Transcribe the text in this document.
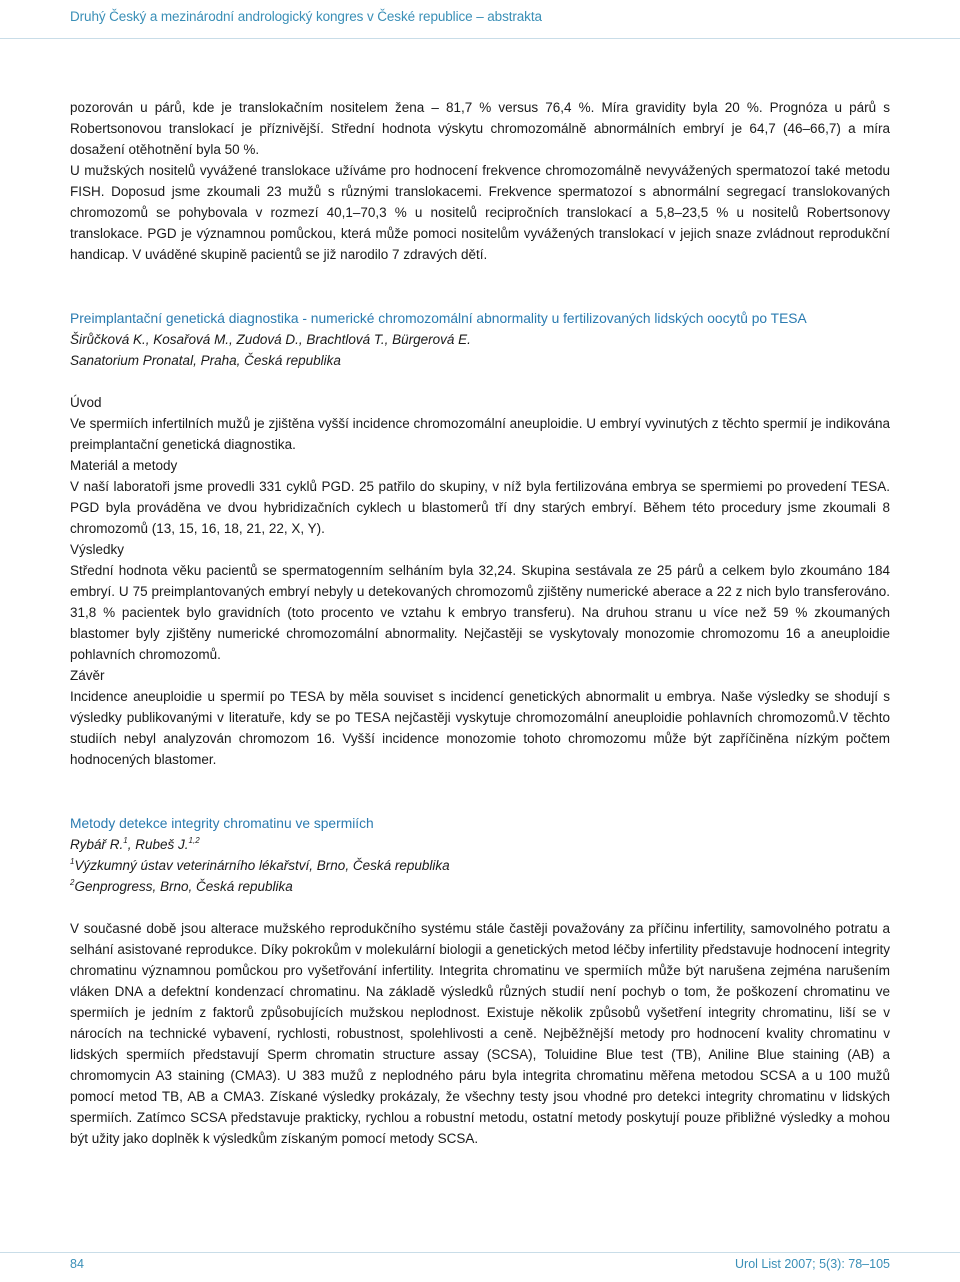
Druhý Český a mezinárodní andrologický kongres v České republice – abstrakta

pozorován u párů, kde je translokačním nositelem žena – 81,7 % versus 76,4 %. Míra gravidity byla 20 %. Prognóza u párů s Robertsonovou translokací je příznivější. Střední hodnota výskytu chromozomálně abnormálních embryí je 64,7 (46–66,7) a míra dosažení otěhotnění byla 50 %.

U mužských nositelů vyvážené translokace užíváme pro hodnocení frekvence chromozomálně nevyvážených spermatozoí také metodu FISH. Doposud jsme zkoumali 23 mužů s různými translokacemi. Frekvence spermatozoí s abnormální segregací translokovaných chromozomů se pohybovala v rozmezí 40,1–70,3 % u nositelů recipročních translokací a 5,8–23,5 % u nositelů Robertsonovy translokace. PGD je významnou pomůckou, která může pomoci nositelům vyvážených translokací v jejich snaze zvládnout reprodukční handicap. V uváděné skupině pacientů se již narodilo 7 zdravých dětí.

Preimplantační genetická diagnostika - numerické chromozomální abnormality u fertilizovaných lidských oocytů po TESA

Širůčková K., Kosařová M., Zudová D., Brachtlová T., Bürgerová E.

Sanatorium Pronatal, Praha, Česká republika

Úvod

Ve spermiích infertilních mužů je zjištěna vyšší incidence chromozomální aneuploidie. U embryí vyvinutých z těchto spermií je indikována preimplantační genetická diagnostika.

Materiál a metody

V naší laboratoři jsme provedli 331 cyklů PGD. 25 patřilo do skupiny, v níž byla fertilizována embrya se spermiemi po provedení TESA. PGD byla prováděna ve dvou hybridizačních cyklech u blastomerů tří dny starých embryí. Během této procedury jsme zkoumali 8 chromozomů (13, 15, 16, 18, 21, 22, X, Y).

Výsledky

Střední hodnota věku pacientů se spermatogenním selháním byla 32,24. Skupina sestávala ze 25 párů a celkem bylo zkoumáno 184 embryí. U 75 preimplantovaných embryí nebyly u detekovaných chromozomů zjištěny numerické aberace a 22 z nich bylo transferováno. 31,8 % pacientek bylo gravidních (toto procento ve vztahu k embryo transferu). Na druhou stranu u více než 59 % zkoumaných blastomer byly zjištěny numerické chromozomální abnormality. Nejčastěji se vyskytovaly monozomie chromozomu 16 a aneuploidie pohlavních chromozomů.

Závěr

Incidence aneuploidie u spermií po TESA by měla souviset s incidencí genetických abnormalit u embrya. Naše výsledky se shodují s výsledky publikovanými v literatuře, kdy se po TESA nejčastěji vyskytuje chromozomální aneuploidie pohlavních chromozomů.V těchto studiích nebyl analyzován chromozom 16. Vyšší incidence monozomie tohoto chromozomu může být zapříčiněna nízkým počtem hodnocených blastomer.

Metody detekce integrity chromatinu ve spermiích

Rybář R.$^1$, Rubeš J.$^{1,2}$

$^1$Výzkumný ústav veterinárního lékařství, Brno, Česká republika

$^2$Genprogress, Brno, Česká republika

V současné době jsou alterace mužského reprodukčního systému stále častěji považovány za příčinu infertility, samovolného potratu a selhání asistované reprodukce. Díky pokrokům v molekulární biologii a genetických metod léčby infertility představuje hodnocení integrity chromatinu významnou pomůckou pro vyšetřování infertility. Integrita chromatinu ve spermiích může být narušena zejména narušením vláken DNA a defektní kondenzací chromatinu. Na základě výsledků různých studií není pochyb o tom, že poškození chromatinu ve spermiích je jedním z faktorů způsobujících mužskou neplodnost. Existuje několik způsobů vyšetření integrity chromatinu, liší se v nárocích na technické vybavení, rychlosti, robustnost, spolehlivosti a ceně. Nejběžnější metody pro hodnocení kvality chromatinu v lidských spermiích představují Sperm chromatin structure assay (SCSA), Toluidine Blue test (TB), Aniline Blue staining (AB) a chromomycin A3 staining (CMA3). U 383 mužů z neplodného páru byla integrita chromatinu měřena metodou SCSA a u 100 mužů pomocí metod TB, AB a CMA3. Získané výsledky prokázaly, že všechny testy jsou vhodné pro detekci integrity chromatinu v lidských spermiích. Zatímco SCSA představuje prakticky, rychlou a robustní metodu, ostatní metody poskytují pouze přibližné výsledky a mohou být užity jako doplněk k výsledkům získaným pomocí metody SCSA.

84	Urol List 2007; 5(3): 78–105
